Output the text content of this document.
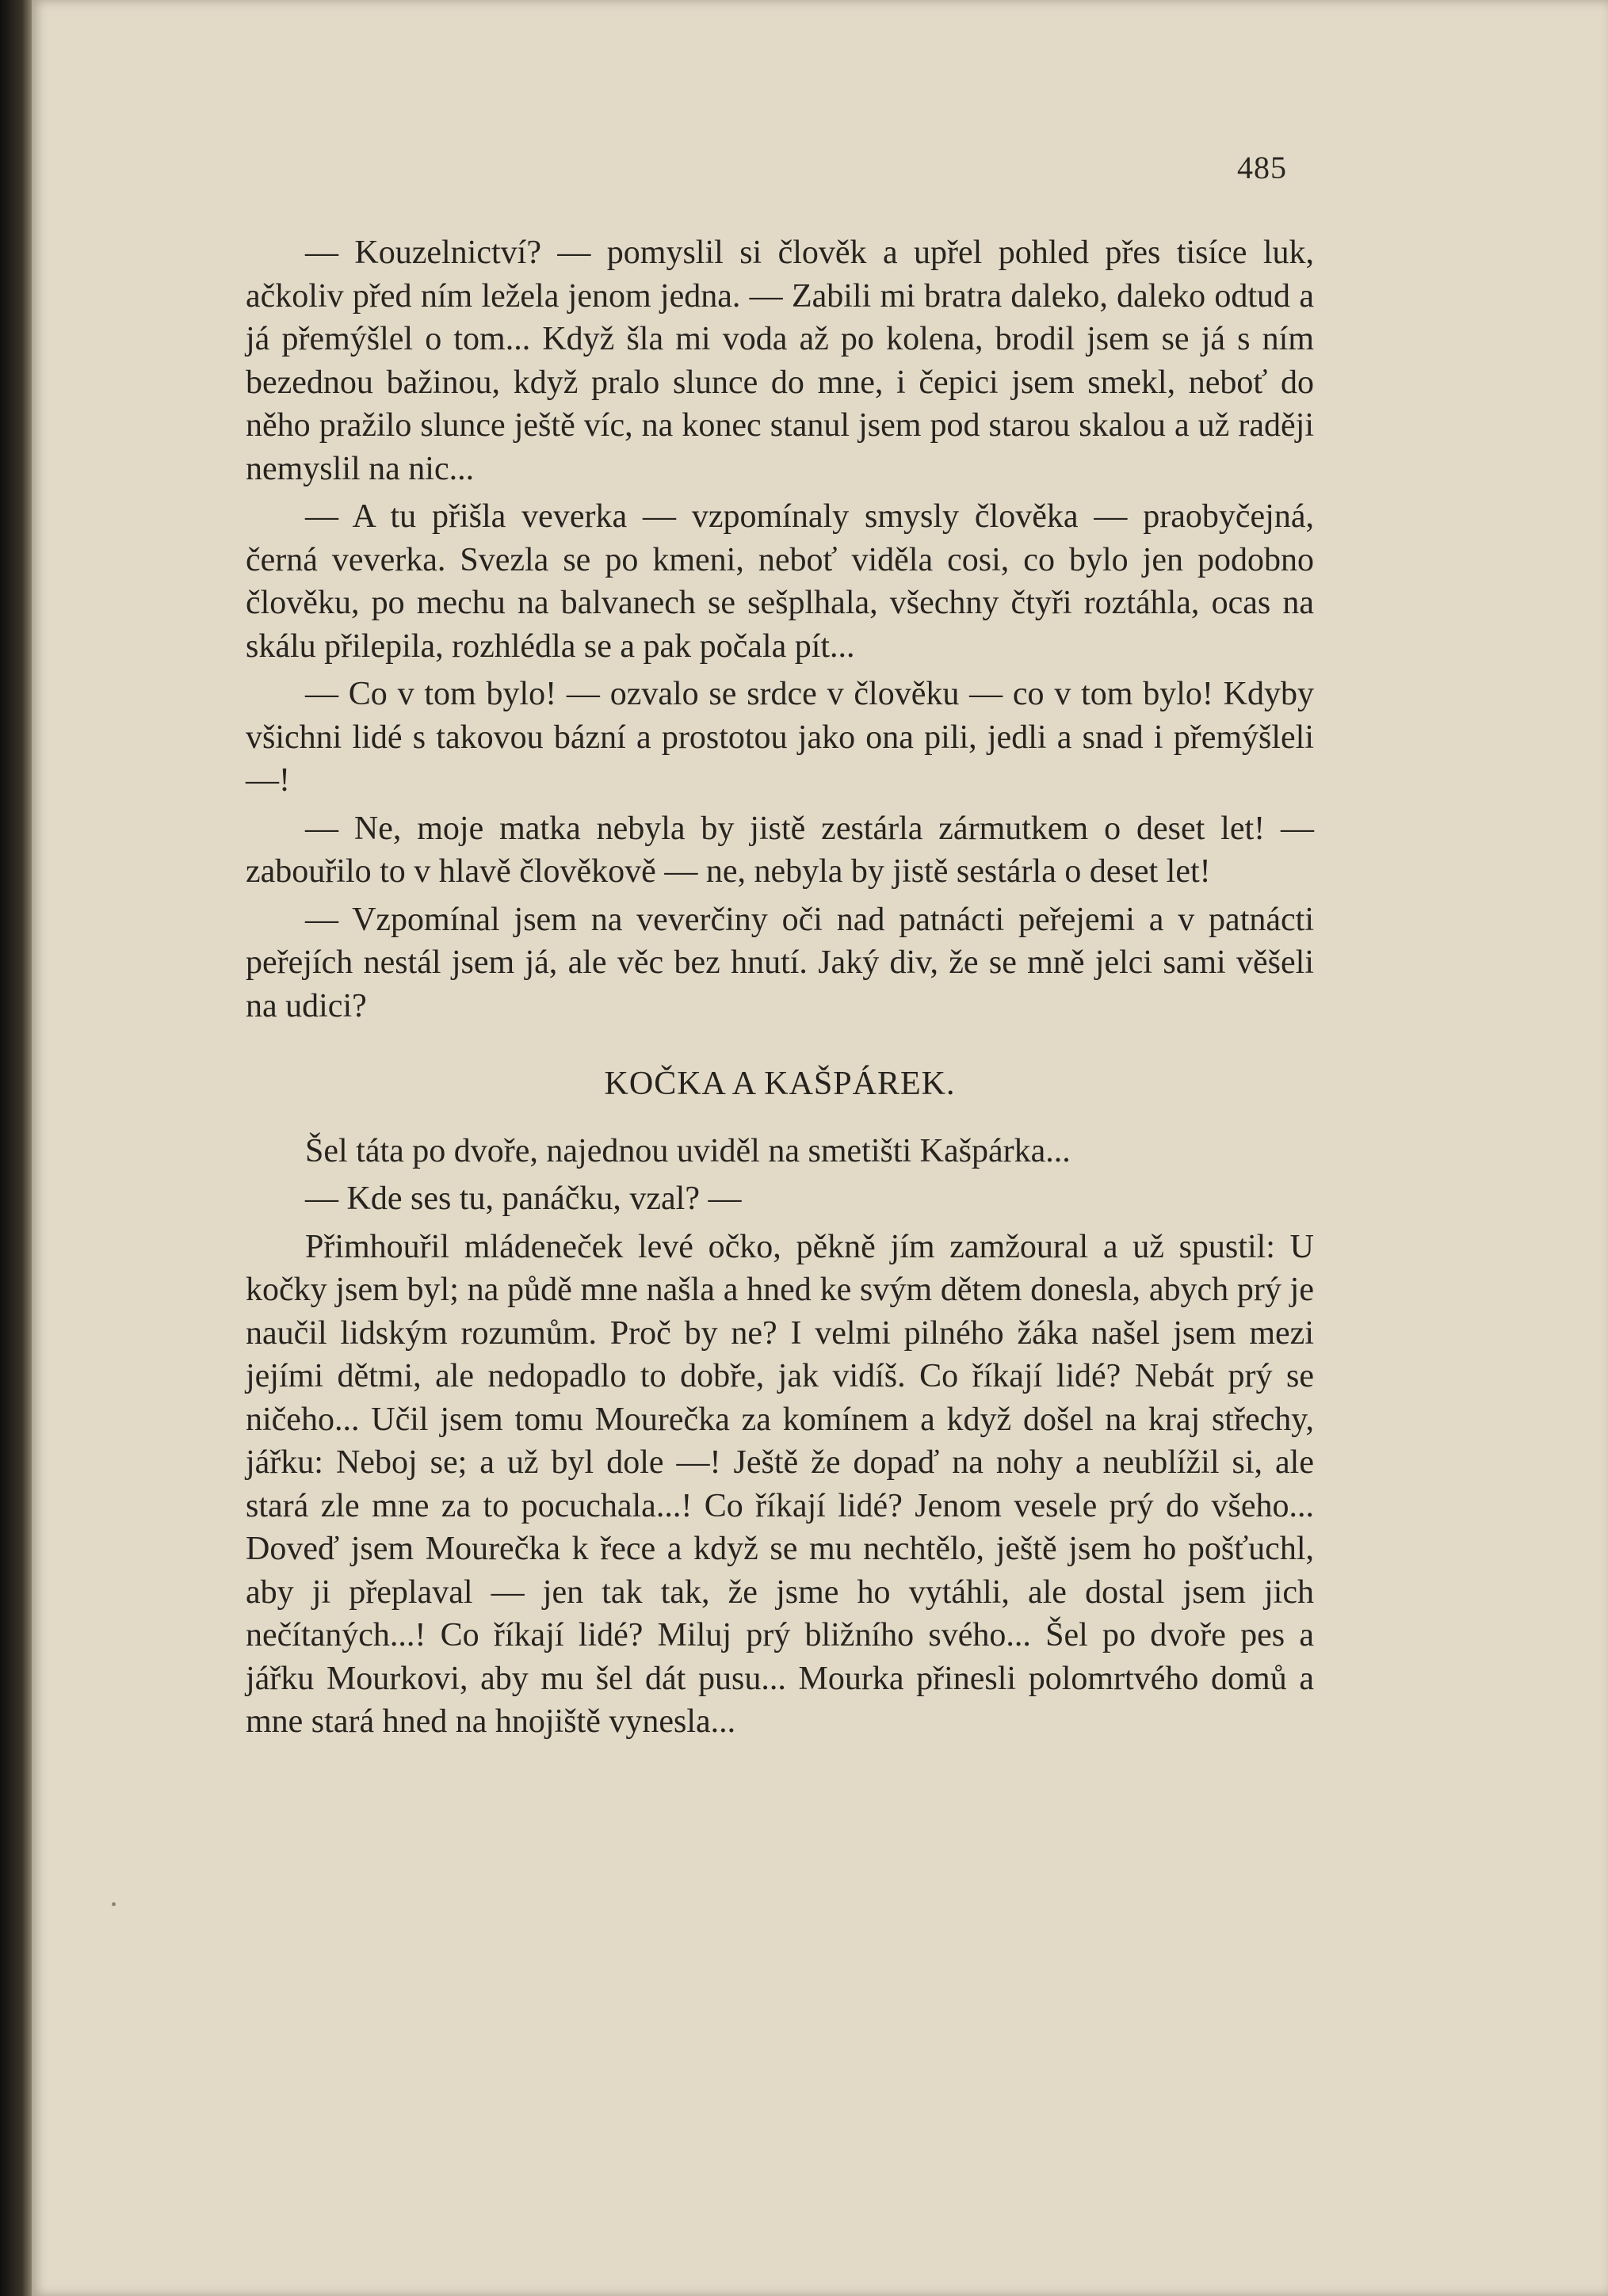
485

— Kouzelnictví? — pomyslil si člověk a upřel pohled přes tisíce luk, ačkoliv před ním ležela jenom jedna. — Zabili mi bratra daleko, daleko odtud a já přemýšlel o tom... Když šla mi voda až po kolena, brodil jsem se já s ním bezednou bažinou, když pralo slunce do mne, i čepici jsem smekl, neboť do něho pražilo slunce ještě víc, na konec stanul jsem pod starou skalou a už raději nemyslil na nic...

— A tu přišla veverka — vzpomínaly smysly člověka — praobyčejná, černá veverka. Svezla se po kmeni, neboť viděla cosi, co bylo jen podobno člověku, po mechu na balvanech se sešplhala, všechny čtyři roztáhla, ocas na skálu přilepila, rozhlédla se a pak počala pít...

— Co v tom bylo! — ozvalo se srdce v člověku — co v tom bylo! Kdyby všichni lidé s takovou bázní a prostotou jako ona pili, jedli a snad i přemýšleli —!

— Ne, moje matka nebyla by jistě zestárla zármutkem o deset let! — zabouřilo to v hlavě člověkově — ne, nebyla by jistě sestárla o deset let!

— Vzpomínal jsem na veverčiny oči nad patnácti peřejemi a v patnácti peřejích nestál jsem já, ale věc bez hnutí. Jaký div, že se mně jelci sami věšeli na udici?

KOČKA A KAŠPÁREK.

Šel táta po dvoře, najednou uviděl na smetišti Kašpárka...

— Kde ses tu, panáčku, vzal? —

Přimhouřil mládeneček levé očko, pěkně jím zamžoural a už spustil: U kočky jsem byl; na půdě mne našla a hned ke svým dětem donesla, abych prý je naučil lidským rozumům. Proč by ne? I velmi pilného žáka našel jsem mezi jejími dětmi, ale nedopadlo to dobře, jak vidíš. Co říkají lidé? Nebát prý se ničeho... Učil jsem tomu Mourečka za komínem a když došel na kraj střechy, jářku: Neboj se; a už byl dole —! Ještě že dopaď na nohy a neublížil si, ale stará zle mne za to pocuchala...! Co říkají lidé? Jenom vesele prý do všeho... Doveď jsem Mourečka k řece a když se mu nechtělo, ještě jsem ho pošťuchl, aby ji přeplaval — jen tak tak, že jsme ho vytáhli, ale dostal jsem jich nečítaných...! Co říkají lidé? Miluj prý bližního svého... Šel po dvoře pes a jářku Mourkovi, aby mu šel dát pusu... Mourka přinesli polomrtvého domů a mne stará hned na hnojiště vynesla...
